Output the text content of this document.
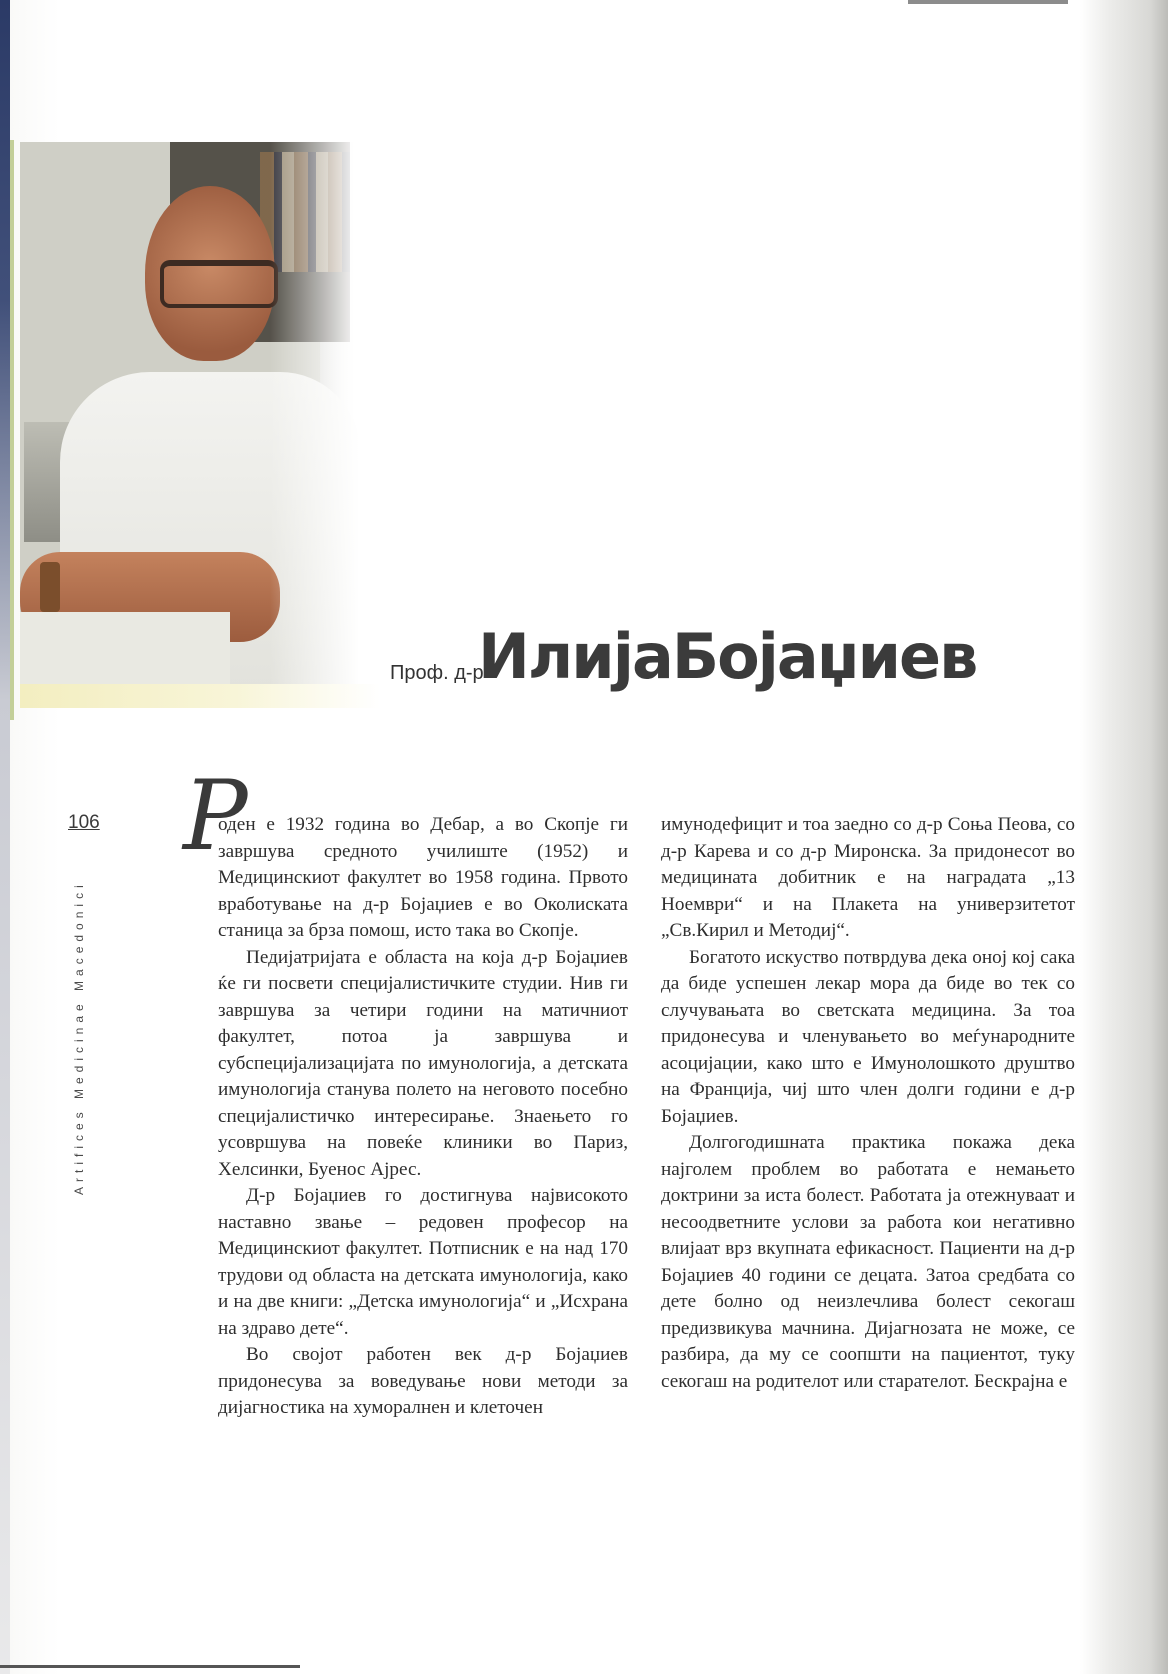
Проф. д-р
ИлијаБојаџиев
106
Artifices Medicinae Macedonici
Р

оден е 1932 година во Дебар, а во Скопје ги завршува средното училиште (1952) и Медицинскиот факултет во 1958 година. Првото вработување на д-р Бојаџиев е во Околиската станица за брза помош, исто така во Скопје.

Педијатријата е областа на која д-р Бојаџиев ќе ги посвети специјалистичките студии. Нив ги завршува за четири години на матичниот факултет, потоа ја завршува и субспецијализацијата по имунологија, а детската имунологија станува полето на неговото посебно специјалистичко интересирање. Знаењето го усовршува на повеќе клиники во Париз, Хелсинки, Буенос Ајрес.

Д-р Бојаџиев го достигнува највисокото наставно звање – редовен професор на Медицинскиот факултет. Потписник е на над 170 трудови од областа на детската имунологија, како и на две книги: „Детска имунологија“ и „Исхрана на здраво дете“.

Во својот работен век д-р Бојаџиев придонесува за воведување нови методи за дијагностика на хуморалнен и клеточен

имунодефицит и тоа заедно со д-р Соња Пеова, со д-р Карева и со д-р Миронска. За придонесот во медицината добитник е на наградата „13 Ноември“ и на Плакета на универзитетот „Св.Кирил и Методиј“.

Богатото искуство потврдува дека оној кој сака да биде успешен лекар мора да биде во тек со случувањата во светската медицина. За тоа придонесува и членувањето во меѓународните асоцијации, како што е Имунолошкото друштво на Франција, чиј што член долги години е д-р Бојаџиев.

Долгогодишната практика покажа дека најголем проблем во работата е немањето доктрини за иста болест. Работата ја отежнуваат и несоодветните услови за работа кои негативно влијаат врз вкупната ефикасност. Пациенти на д-р Бојаџиев 40 години се децата. Затоа средбата со дете болно од неизлечлива болест секогаш предизвикува мачнина. Дијагнозата не може, се разбира, да му се соопшти на пациентот, туку секогаш на родителот или старателот. Бескрајна е
